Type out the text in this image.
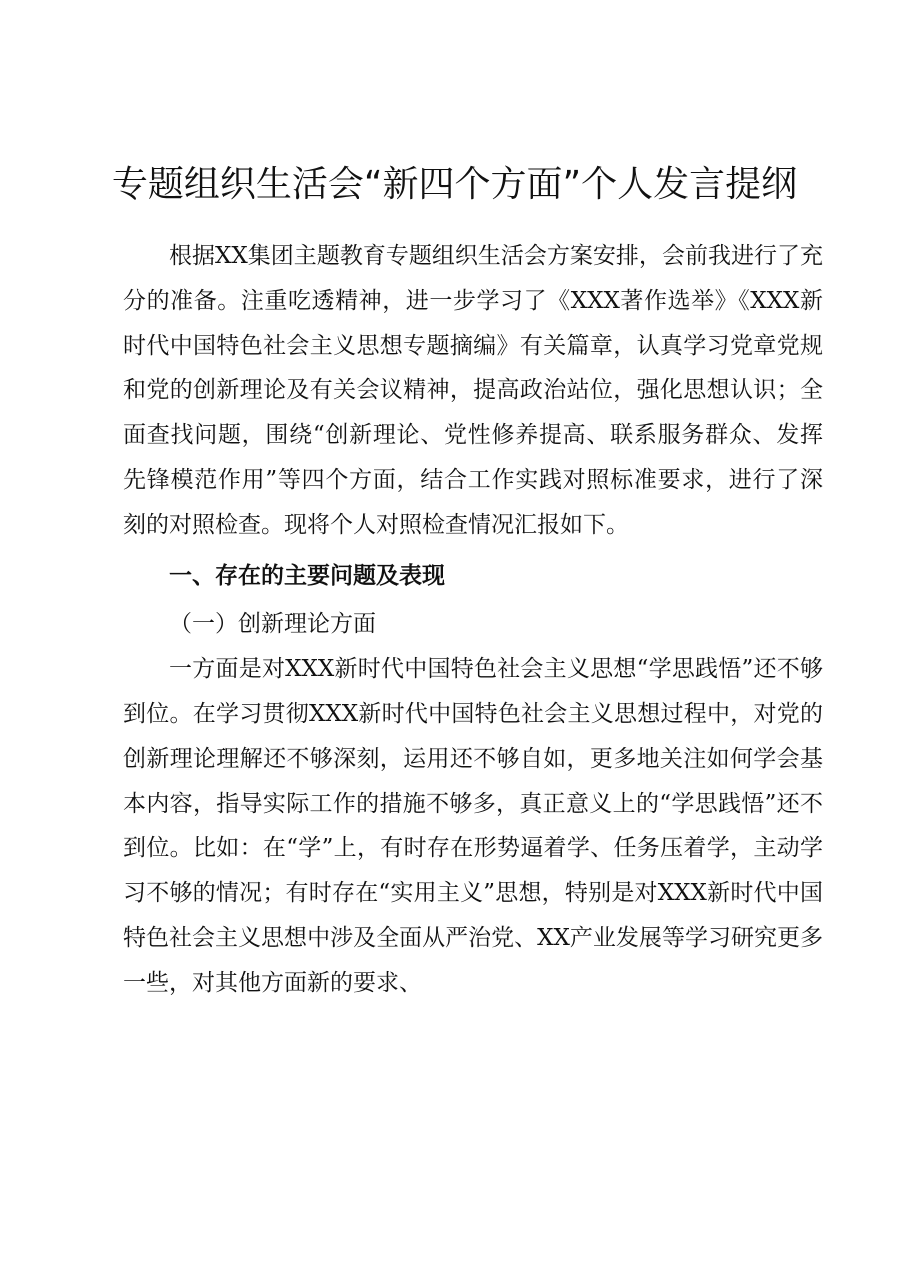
专题组织生活会“新四个方面”个人发言提纲

根据XX集团主题教育专题组织生活会方案安排，会前我进行了充分的准备。注重吃透精神，进一步学习了《XXX著作选举》《XXX新时代中国特色社会主义思想专题摘编》有关篇章，认真学习党章党规和党的创新理论及有关会议精神，提高政治站位，强化思想认识；全面查找问题，围绕“创新理论、党性修养提高、联系服务群众、发挥先锋模范作用”等四个方面，结合工作实践对照标准要求，进行了深刻的对照检查。现将个人对照检查情况汇报如下。

一、存在的主要问题及表现

（一）创新理论方面

一方面是对XXX新时代中国特色社会主义思想“学思践悟”还不够到位。在学习贯彻XXX新时代中国特色社会主义思想过程中，对党的创新理论理解还不够深刻，运用还不够自如，更多地关注如何学会基本内容，指导实际工作的措施不够多，真正意义上的“学思践悟”还不到位。比如：在“学”上，有时存在形势逼着学、任务压着学，主动学习不够的情况；有时存在“实用主义”思想，特别是对XXX新时代中国特色社会主义思想中涉及全面从严治党、XX产业发展等学习研究更多一些，对其他方面新的要求、
